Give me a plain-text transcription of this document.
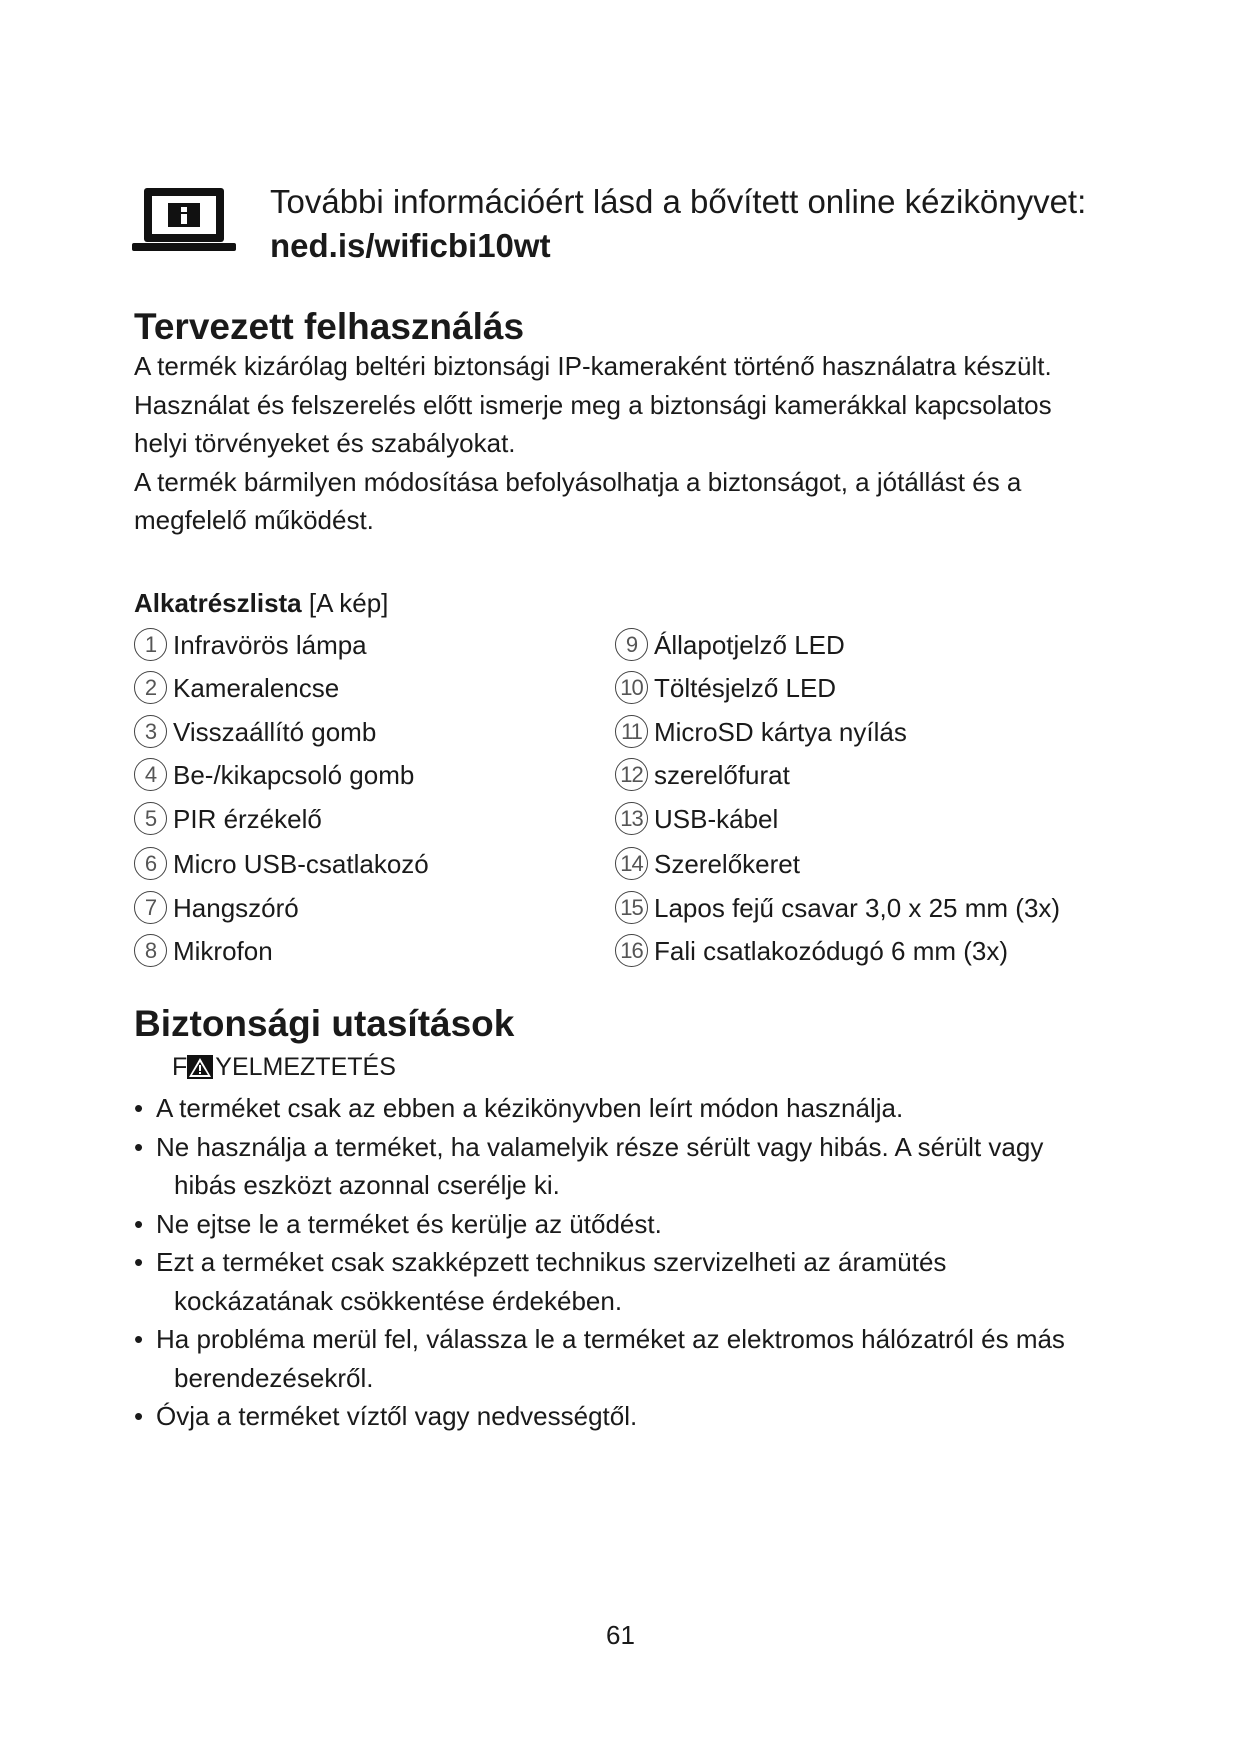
További információért lásd a bővített online kézikönyvet:
ned.is/wificbi10wt
Tervezett felhasználás
A termék kizárólag beltéri biztonsági IP-kameraként történő használatra készült.
Használat és felszerelés előtt ismerje meg a biztonsági kamerákkal kapcsolatos
helyi törvényeket és szabályokat.
A termék bármilyen módosítása befolyásolhatja a biztonságot, a jótállást és a
megfelelő működést.
Alkatrészlista [A kép]
1 Infravörös lámpa
2 Kameralencse
3 Visszaállító gomb
4 Be-/kikapcsoló gomb
5 PIR érzékelő
6 Micro USB-csatlakozó
7 Hangszóró
8 Mikrofon
9 Állapotjelző LED
10 Töltésjelző LED
11 MicroSD kártya nyílás
12 szerelőfurat
13 USB-kábel
14 Szerelőkeret
15 Lapos fejű csavar 3,0 x 25 mm (3x)
16 Fali csatlakozódugó 6 mm (3x)
Biztonsági utasítások
F YELMEZTETÉS
• A terméket csak az ebben a kézikönyvben leírt módon használja.
• Ne használja a terméket, ha valamelyik része sérült vagy hibás. A sérült vagy
hibás eszközt azonnal cserélje ki.
• Ne ejtse le a terméket és kerülje az ütődést.
• Ezt a terméket csak szakképzett technikus szervizelheti az áramütés
kockázatának csökkentése érdekében.
• Ha probléma merül fel, válassza le a terméket az elektromos hálózatról és más
berendezésekről.
• Óvja a terméket víztől vagy nedvességtől.
61
